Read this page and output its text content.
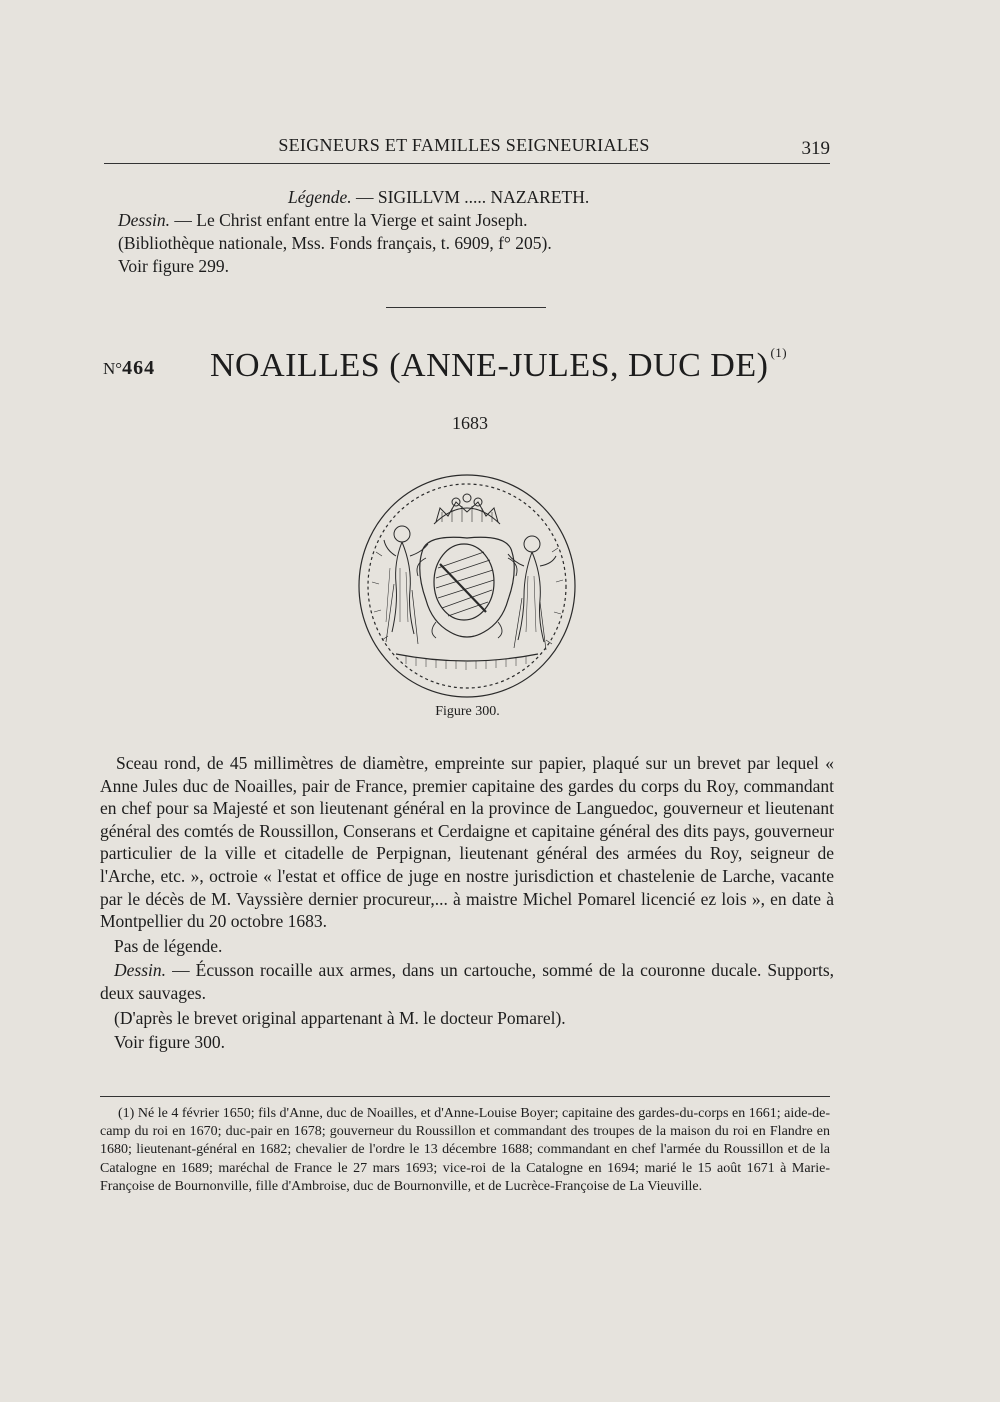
SEIGNEURS ET FAMILLES SEIGNEURIALES	319

Légende. — SIGILLVM ..... NAZARETH.

Dessin. — Le Christ enfant entre la Vierge et saint Joseph.

(Bibliothèque nationale, Mss. Fonds français, t. 6909, f° 205).

Voir figure 299.

N°464 NOAILLES (ANNE-JULES, DUC DE) $^{(1)}$
1683
Figure 300.

Sceau rond, de 45 millimètres de diamètre, empreinte sur papier, plaqué sur un brevet par lequel « Anne Jules duc de Noailles, pair de France, premier capitaine des gardes du corps du Roy, commandant en chef pour sa Majesté et son lieutenant général en la province de Languedoc, gouverneur et lieutenant général des comtés de Roussillon, Conserans et Cerdaigne et capitaine général des dits pays, gouverneur particulier de la ville et citadelle de Perpignan, lieutenant général des armées du Roy, seigneur de l'Arche, etc. », octroie « l'estat et office de juge en nostre jurisdiction et chastelenie de Larche, vacante par le décès de M. Vayssière dernier procureur,... à maistre Michel Pomarel licencié ez lois », en date à Montpellier du 20 octobre 1683.

Pas de légende.

Dessin. — Écusson rocaille aux armes, dans un cartouche, sommé de la couronne ducale. Supports, deux sauvages.

(D'après le brevet original appartenant à M. le docteur Pomarel).

Voir figure 300.

(1) Né le 4 février 1650; fils d'Anne, duc de Noailles, et d'Anne-Louise Boyer; capitaine des gardes-du-corps en 1661; aide-de-camp du roi en 1670; duc-pair en 1678; gouverneur du Roussillon et commandant des troupes de la maison du roi en Flandre en 1680; lieutenant-général en 1682; chevalier de l'ordre le 13 décembre 1688; commandant en chef l'armée du Roussillon et de la Catalogne en 1689; maréchal de France le 27 mars 1693; vice-roi de la Catalogne en 1694; marié le 15 août 1671 à Marie-Françoise de Bournonville, fille d'Ambroise, duc de Bournonville, et de Lucrèce-Françoise de La Vieuville.
